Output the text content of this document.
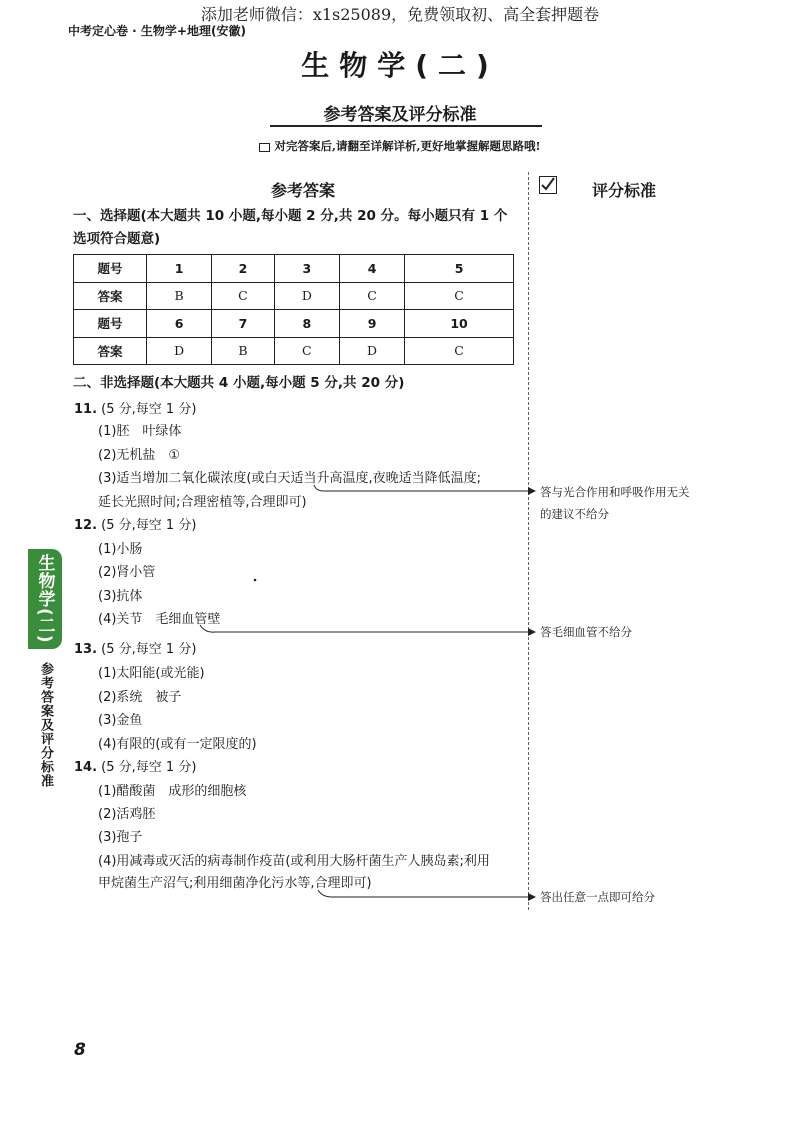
添加老师微信：x1s25089，免费领取初、高全套押题卷
中考定心卷 · 生物学+地理(安徽)
生物学(二)
参考答案及评分标准
对完答案后,请翻至详解详析,更好地掌握解题思路哦!
参考答案	评分标准
一、选择题(本大题共 10 小题,每小题 2 分,共 20 分。每小题只有 1 个选项符合题意)
题号	1	2	3	4	5
答案	B	C	D	C	C
题号	6	7	8	9	10
答案	D	B	C	D	C
二、非选择题(本大题共 4 小题,每小题 5 分,共 20 分)
11. (5 分,每空 1 分)
(1)胚　叶绿体
(2)无机盐　①
(3)适当增加二氧化碳浓度(或白天适当升高温度,夜晚适当降低温度;
延长光照时间;合理密植等,合理即可)
12. (5 分,每空 1 分)
(1)小肠
(2)肾小管
(3)抗体
(4)关节　毛细血管壁
13. (5 分,每空 1 分)
(1)太阳能(或光能)
(2)系统　被子
(3)金鱼
(4)有限的(或有一定限度的)
14. (5 分,每空 1 分)
(1)醋酸菌　成形的细胞核
(2)活鸡胚
(3)孢子
(4)用减毒或灭活的病毒制作疫苗(或利用大肠杆菌生产人胰岛素;利用
甲烷菌生产沼气;利用细菌净化污水等,合理即可)
答与光合作用和呼吸作用无关
的建议不给分
答毛细血管不给分
答出任意一点即可给分
生物学(二)
参考答案及评分标准
8
